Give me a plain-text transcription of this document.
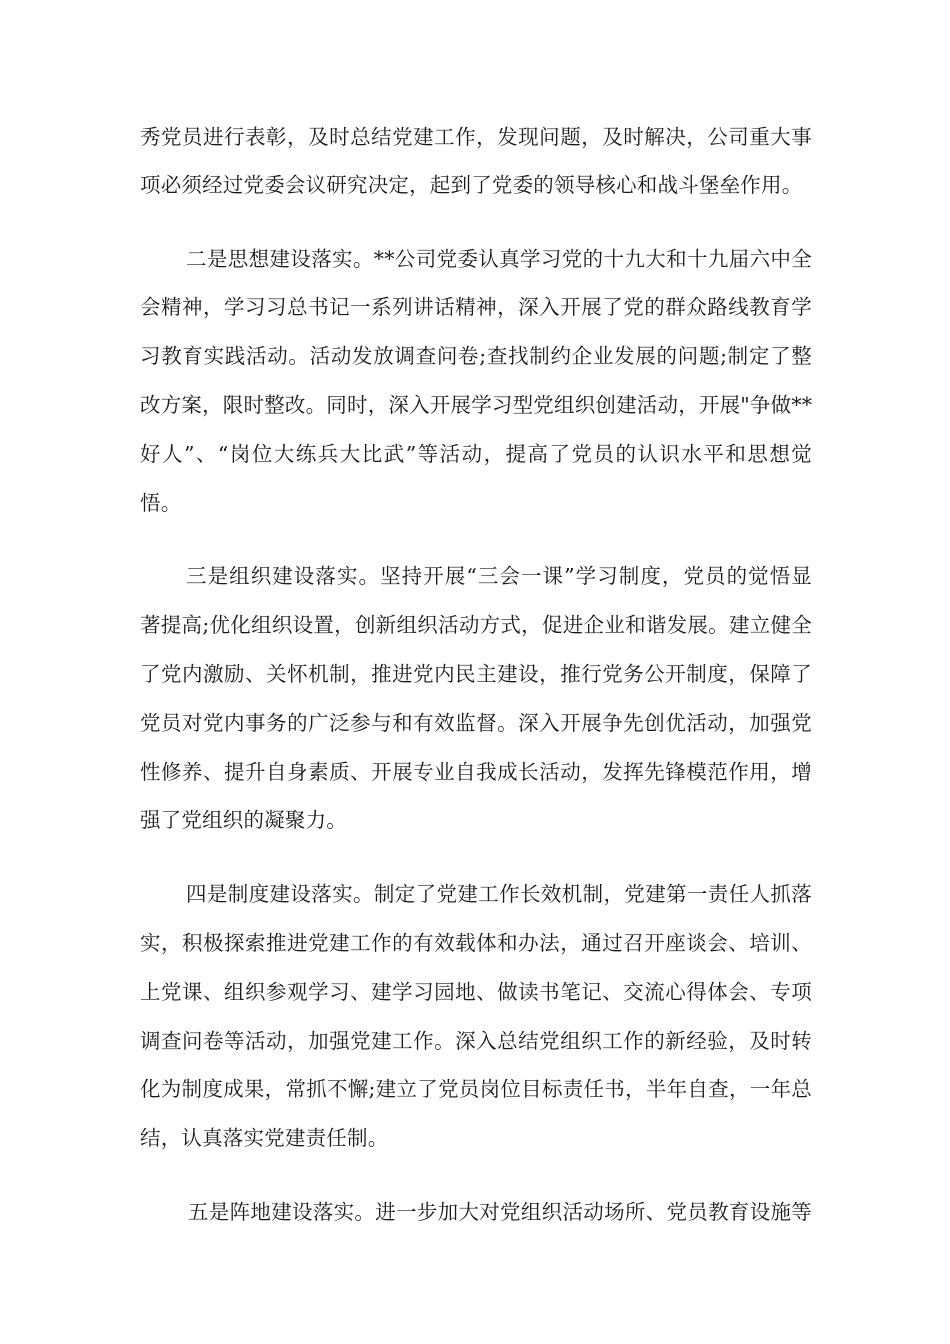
秀党员进行表彰，及时总结党建工作，发现问题，及时解决，公司重大事
项必须经过党委会议研究决定，起到了党委的领导核心和战斗堡垒作用。
二是思想建设落实。**公司党委认真学习党的十九大和十九届六中全
会精神，学习习总书记一系列讲话精神，深入开展了党的群众路线教育学
习教育实践活动。活动发放调查问卷;查找制约企业发展的问题;制定了整
改方案，限时整改。同时，深入开展学习型党组织创建活动，开展"争做**
好人”、“岗位大练兵大比武”等活动，提高了党员的认识水平和思想觉
悟。
三是组织建设落实。坚持开展“三会一课”学习制度，党员的觉悟显
著提高;优化组织设置，创新组织活动方式，促进企业和谐发展。建立健全
了党内激励、关怀机制，推进党内民主建设，推行党务公开制度，保障了
党员对党内事务的广泛参与和有效监督。深入开展争先创优活动，加强党
性修养、提升自身素质、开展专业自我成长活动，发挥先锋模范作用，增
强了党组织的凝聚力。
四是制度建设落实。制定了党建工作长效机制，党建第一责任人抓落
实，积极探索推进党建工作的有效载体和办法，通过召开座谈会、培训、
上党课、组织参观学习、建学习园地、做读书笔记、交流心得体会、专项
调查问卷等活动，加强党建工作。深入总结党组织工作的新经验，及时转
化为制度成果，常抓不懈;建立了党员岗位目标责任书，半年自查，一年总
结，认真落实党建责任制。
五是阵地建设落实。进一步加大对党组织活动场所、党员教育设施等
